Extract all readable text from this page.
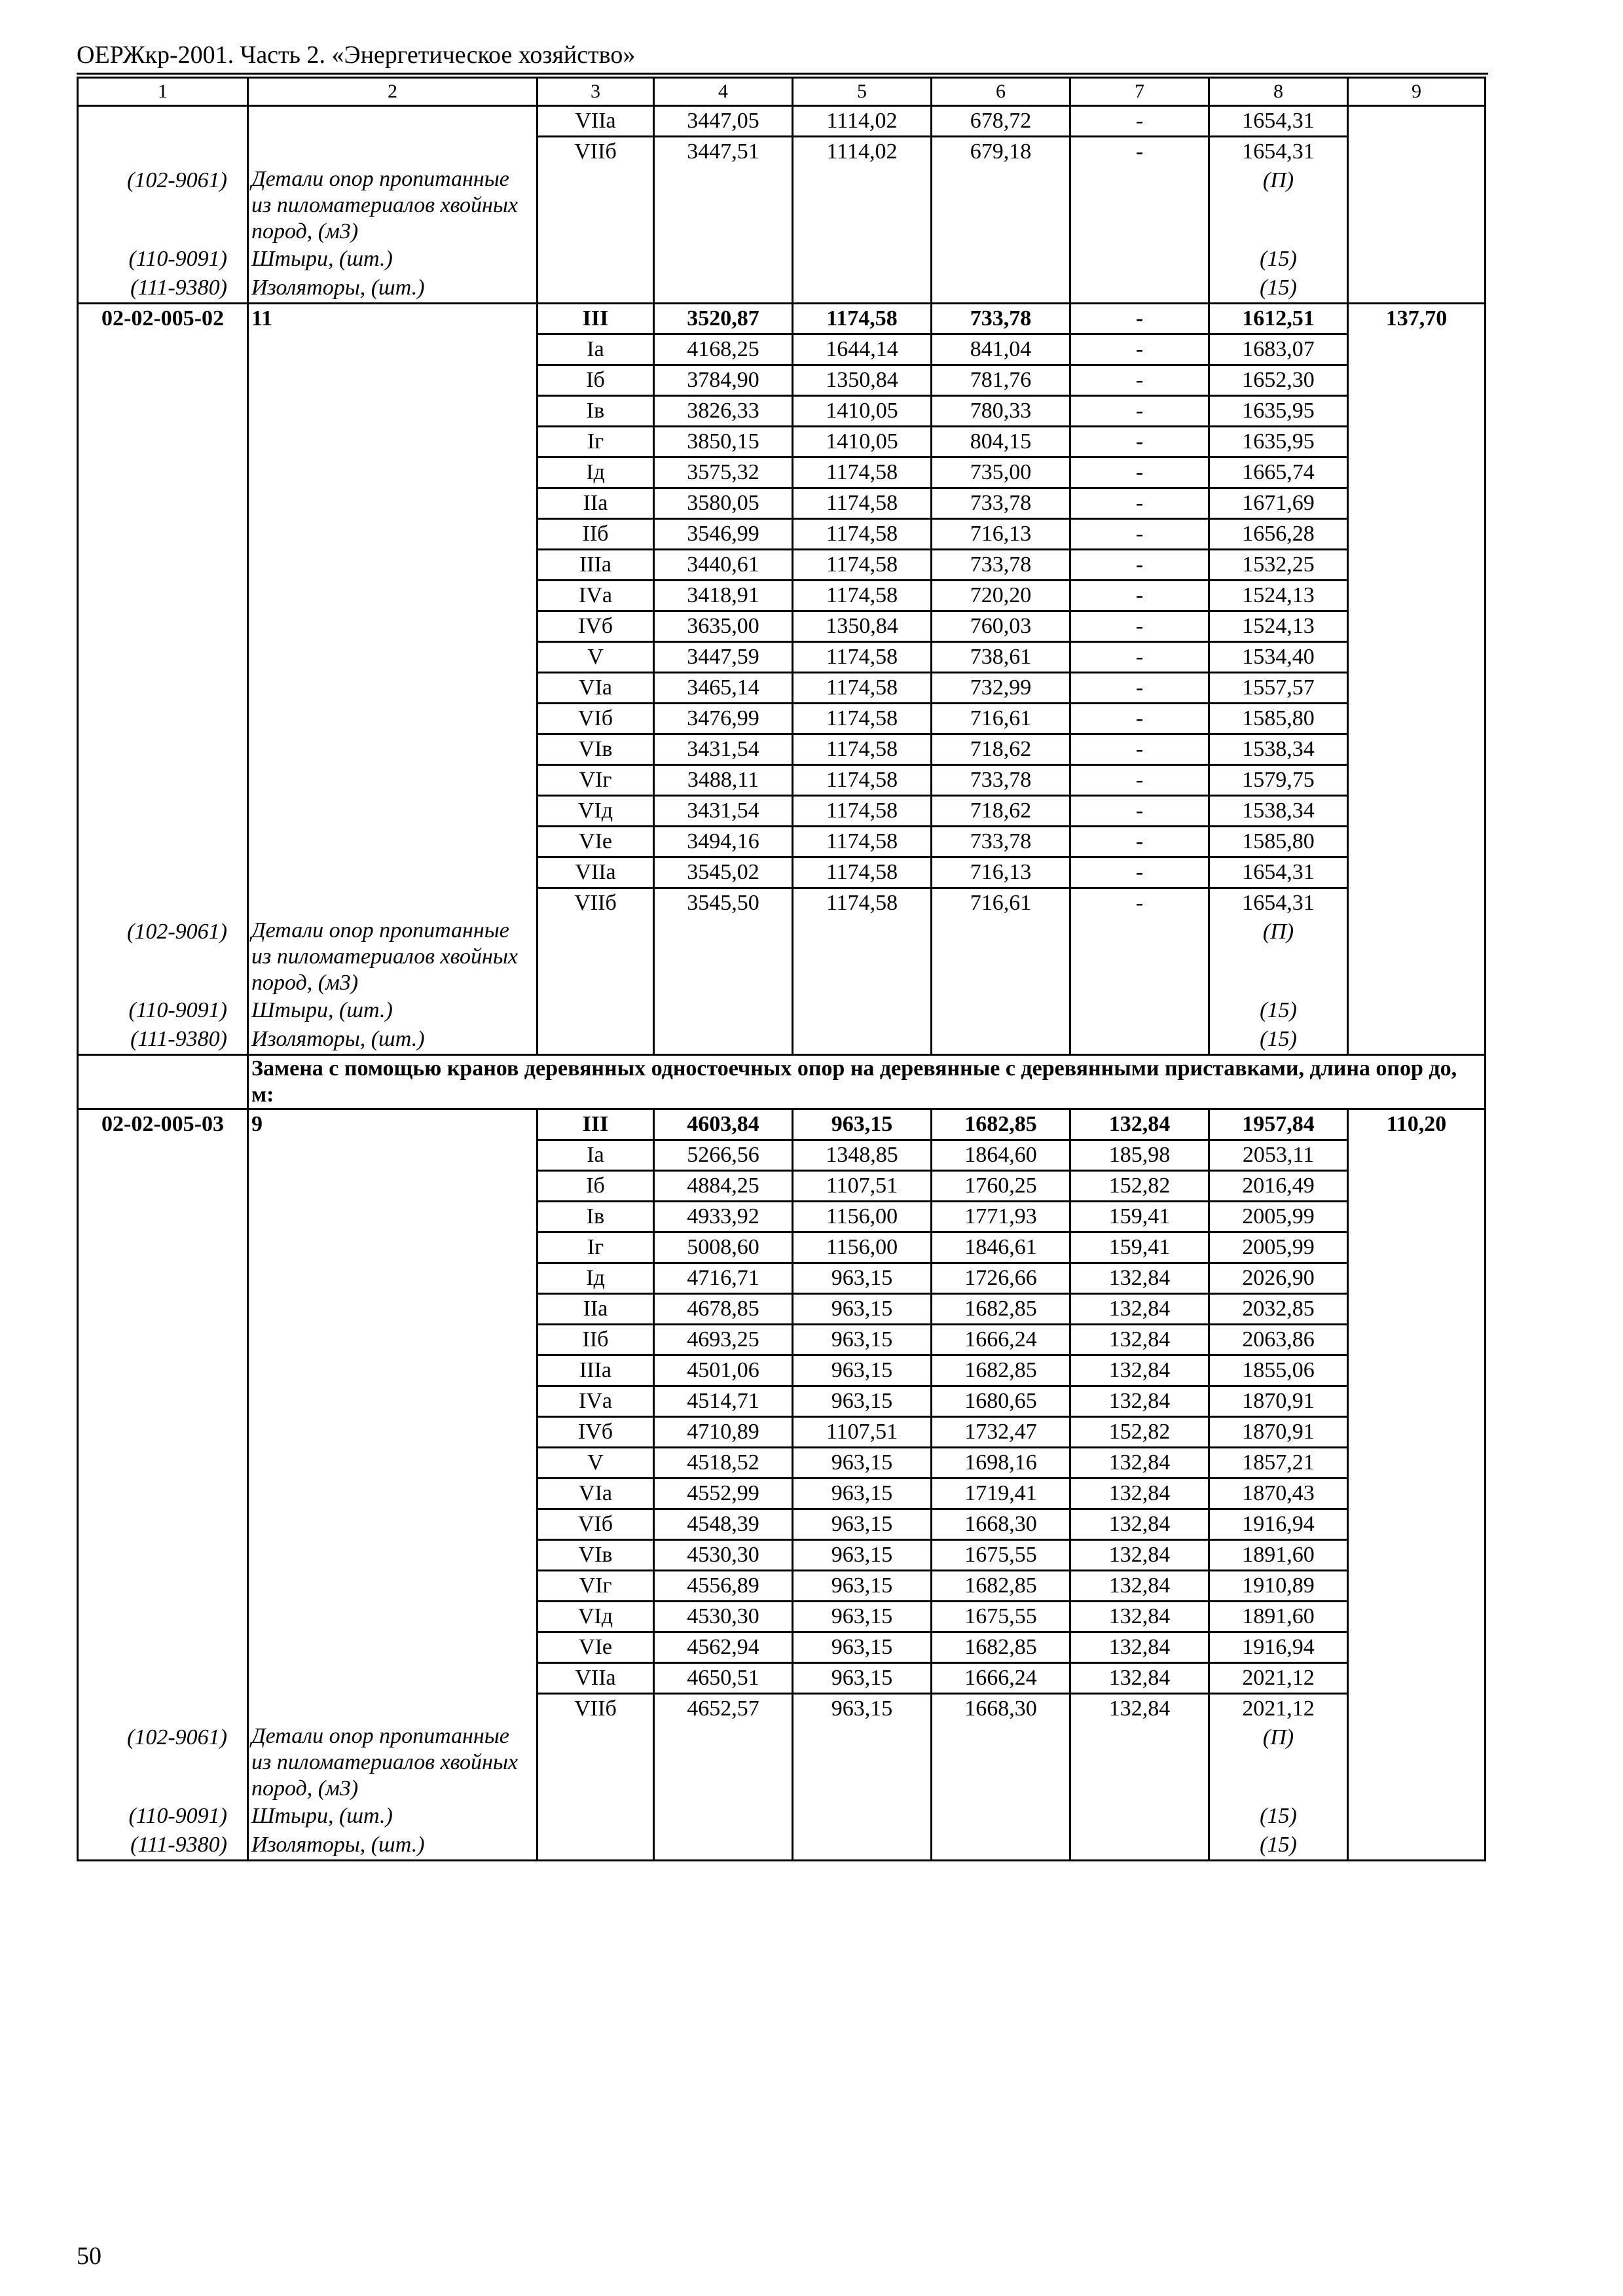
ОЕРЖкр-2001. Часть 2. «Энергетическое хозяйство»
1	2	3	4	5	6	7	8	9
		VIIа	3447,05	1114,02	678,72	-	1654,31	
		VIIб	3447,51	1114,02	679,18	-	1654,31	
(102-9061)	Детали опор пропитанные из пиломатериалов хвойных пород, (м3)						(П)	
(110-9091)	Штыри, (шт.)						(15)	
(111-9380)	Изоляторы, (шт.)						(15)	
02-02-005-02	11	III	3520,87	1174,58	733,78	-	1612,51	137,70
		Iа	4168,25	1644,14	841,04	-	1683,07	
		Iб	3784,90	1350,84	781,76	-	1652,30	
		Iв	3826,33	1410,05	780,33	-	1635,95	
		Iг	3850,15	1410,05	804,15	-	1635,95	
		Iд	3575,32	1174,58	735,00	-	1665,74	
		IIа	3580,05	1174,58	733,78	-	1671,69	
		IIб	3546,99	1174,58	716,13	-	1656,28	
		IIIа	3440,61	1174,58	733,78	-	1532,25	
		IVа	3418,91	1174,58	720,20	-	1524,13	
		IVб	3635,00	1350,84	760,03	-	1524,13	
		V	3447,59	1174,58	738,61	-	1534,40	
		VIа	3465,14	1174,58	732,99	-	1557,57	
		VIб	3476,99	1174,58	716,61	-	1585,80	
		VIв	3431,54	1174,58	718,62	-	1538,34	
		VIг	3488,11	1174,58	733,78	-	1579,75	
		VIд	3431,54	1174,58	718,62	-	1538,34	
		VIе	3494,16	1174,58	733,78	-	1585,80	
		VIIа	3545,02	1174,58	716,13	-	1654,31	
		VIIб	3545,50	1174,58	716,61	-	1654,31	
(102-9061)	Детали опор пропитанные из пиломатериалов хвойных пород, (м3)						(П)	
(110-9091)	Штыри, (шт.)						(15)	
(111-9380)	Изоляторы, (шт.)						(15)	
	Замена с помощью кранов деревянных одностоечных опор на деревянные с деревянными приставками, длина опор до, м:							
02-02-005-03	9	III	4603,84	963,15	1682,85	132,84	1957,84	110,20
		Iа	5266,56	1348,85	1864,60	185,98	2053,11	
		Iб	4884,25	1107,51	1760,25	152,82	2016,49	
		Iв	4933,92	1156,00	1771,93	159,41	2005,99	
		Iг	5008,60	1156,00	1846,61	159,41	2005,99	
		Iд	4716,71	963,15	1726,66	132,84	2026,90	
		IIа	4678,85	963,15	1682,85	132,84	2032,85	
		IIб	4693,25	963,15	1666,24	132,84	2063,86	
		IIIа	4501,06	963,15	1682,85	132,84	1855,06	
		IVа	4514,71	963,15	1680,65	132,84	1870,91	
		IVб	4710,89	1107,51	1732,47	152,82	1870,91	
		V	4518,52	963,15	1698,16	132,84	1857,21	
		VIа	4552,99	963,15	1719,41	132,84	1870,43	
		VIб	4548,39	963,15	1668,30	132,84	1916,94	
		VIв	4530,30	963,15	1675,55	132,84	1891,60	
		VIг	4556,89	963,15	1682,85	132,84	1910,89	
		VIд	4530,30	963,15	1675,55	132,84	1891,60	
		VIе	4562,94	963,15	1682,85	132,84	1916,94	
		VIIа	4650,51	963,15	1666,24	132,84	2021,12	
		VIIб	4652,57	963,15	1668,30	132,84	2021,12	
(102-9061)	Детали опор пропитанные из пиломатериалов хвойных пород, (м3)						(П)	
(110-9091)	Штыри, (шт.)						(15)	
(111-9380)	Изоляторы, (шт.)						(15)	
50
